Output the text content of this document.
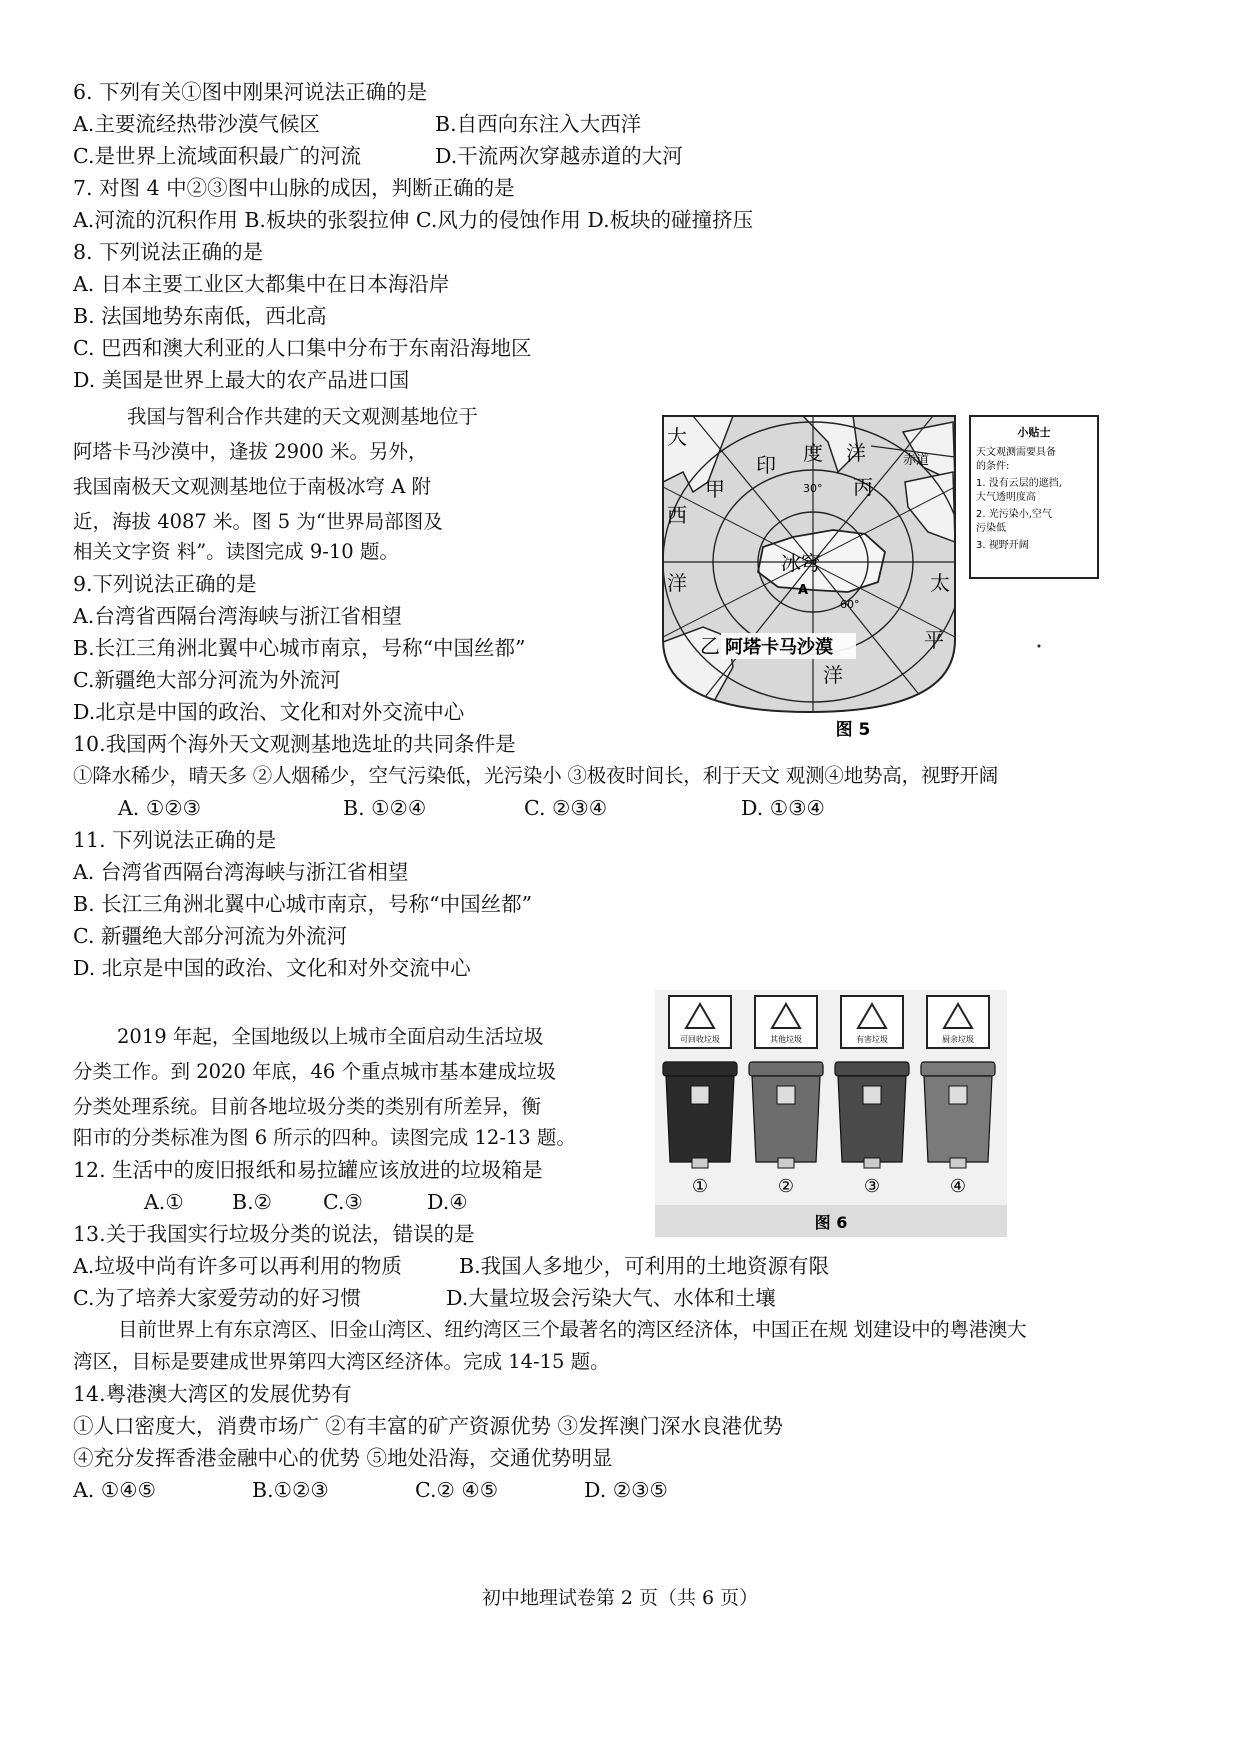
6. 下列有关①图中刚果河说法正确的是
A.主要流经热带沙漠气候区	B.自西向东注入大西洋
C.是世界上流域面积最广的河流	D.干流两次穿越赤道的大河
7. 对图 4 中②③图中山脉的成因，判断正确的是
A.河流的沉积作用 B.板块的张裂拉伸 C.风力的侵蚀作用 D.板块的碰撞挤压
8. 下列说法正确的是
A. 日本主要工业区大都集中在日本海沿岸
B. 法国地势东南低，西北高
C. 巴西和澳大利亚的人口集中分布于东南沿海地区
D. 美国是世界上最大的农产品进口国
我国与智利合作共建的天文观测基地位于
阿塔卡马沙漠中，逢拔 2900 米。另外，
我国南极天文观测基地位于南极冰穹 A 附
近，海拔 4087 米。图 5 为“世界局部图及
相关文字资 料”。读图完成 9-10 题。
9.下列说法正确的是
A.台湾省西隔台湾海峡与浙江省相望
B.长江三角洲北翼中心城市南京，号称“中国丝都”
C.新疆绝大部分河流为外流河
D.北京是中国的政治、文化和对外交流中心
10.我国两个海外天文观测基地选址的共同条件是
①降水稀少，晴天多 ②人烟稀少，空气污染低，光污染小 ③极夜时间长，利于天文 观测④地势高，视野开阔
A. ①②③	B. ①②④	C. ②③④	D. ①③④
11. 下列说法正确的是
A. 台湾省西隔台湾海峡与浙江省相望
B. 长江三角洲北翼中心城市南京，号称“中国丝都”
C. 新疆绝大部分河流为外流河
D. 北京是中国的政治、文化和对外交流中心
2019 年起，全国地级以上城市全面启动生活垃圾
分类工作。到 2020 年底，46 个重点城市基本建成垃圾
分类处理系统。目前各地垃圾分类的类别有所差异，衡
阳市的分类标准为图 6 所示的四种。读图完成 12-13 题。
12. 生活中的废旧报纸和易拉罐应该放进的垃圾箱是
A.① B.② C.③	D.④
13.关于我国实行垃圾分类的说法，错误的是
A.垃圾中尚有许多可以再利用的物质	B.我国人多地少，可利用的土地资源有限
C.为了培养大家爱劳动的好习惯	D.大量垃圾会污染大气、水体和土壤
目前世界上有东京湾区、旧金山湾区、纽约湾区三个最著名的湾区经济体，中国正在规 划建设中的粤港澳大
湾区，目标是要建成世界第四大湾区经济体。完成 14-15 题。
14.粤港澳大湾区的发展优势有
①人口密度大，消费市场广 ②有丰富的矿产资源优势 ③发挥澳门深水良港优势
④充分发挥香港金融中心的优势 ⑤地处沿海，交通优势明显
A. ①④⑤	B.①②③	C.② ④⑤	D. ②③⑤
大
西
洋
甲
印 度 洋	赤道
丙
30°
太
平
洋
60°
冰穹
A
乙 阿塔卡马沙漠
小贴士
天文观测需要具备
的条件:
1. 没有云层的遮挡,
大气透明度高
2. 光污染小,空气
污染低
3. 视野开阔
图 5
可回收垃圾
①
其他垃圾
②
有害垃圾
③
厨余垃圾
④
图 6
初中地理试卷第 2 页（共 6 页）
